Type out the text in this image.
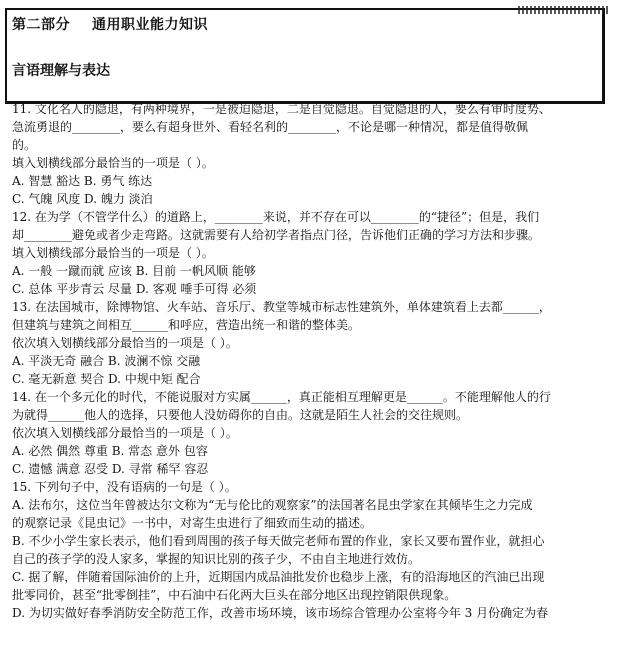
第二部分 通用职业能力知识
言语理解与表达
11. 文化名人的隐退，有两种境界，一是被迫隐退，二是自觉隐退。自觉隐退的人，要么有审时度势、
急流勇退的________，要么有超身世外、看轻名利的________，不论是哪一种情况，都是值得敬佩
的。
填入划横线部分最恰当的一项是（ ）。
A. 智慧 豁达 B. 勇气 练达
C. 气魄 风度 D. 魄力 淡泊
12. 在为学（不管学什么）的道路上，________来说，并不存在可以________的“捷径”；但是，我们
却________避免或者少走弯路。这就需要有人给初学者指点门径，告诉他们正确的学习方法和步骤。
填入划横线部分最恰当的一项是（ ）。
A. 一般 一蹴而就 应该 B. 目前 一帆风顺 能够
C. 总体 平步青云 尽量 D. 客观 唾手可得 必须
13. 在法国城市，除博物馆、火车站、音乐厅、教堂等城市标志性建筑外，单体建筑看上去都______，
但建筑与建筑之间相互______和呼应，营造出统一和谐的整体美。
依次填入划横线部分最恰当的一项是（ ）。
A. 平淡无奇 融合 B. 波澜不惊 交融
C. 毫无新意 契合 D. 中规中矩 配合
14. 在一个多元化的时代，不能说服对方实属______，真正能相互理解更是______。不能理解他人的行
为就得______他人的选择，只要他人没妨碍你的自由。这就是陌生人社会的交往规则。
依次填入划横线部分最恰当的一项是（ ）。
A. 必然 偶然 尊重 B. 常态 意外 包容
C. 遗憾 满意 忍受 D. 寻常 稀罕 容忍
15. 下列句子中，没有语病的一句是（ ）。
A. 法布尔，这位当年曾被达尔文称为“无与伦比的观察家”的法国著名昆虫学家在其倾毕生之力完成
的观察记录《昆虫记》一书中，对寄生虫进行了细致而生动的描述。
B. 不少小学生家长表示，他们看到周围的孩子每天做完老师布置的作业，家长又要布置作业，就担心
自己的孩子学的没人家多，掌握的知识比别的孩子少，不由自主地进行效仿。
C. 据了解，伴随着国际油价的上升，近期国内成品油批发价也稳步上涨，有的沿海地区的汽油已出现
批零同价，甚至“批零倒挂”，中石油中石化两大巨头在部分地区出现控销限供现象。
D. 为切实做好春季消防安全防范工作，改善市场环境，该市场综合管理办公室将今年 3 月份确定为春
